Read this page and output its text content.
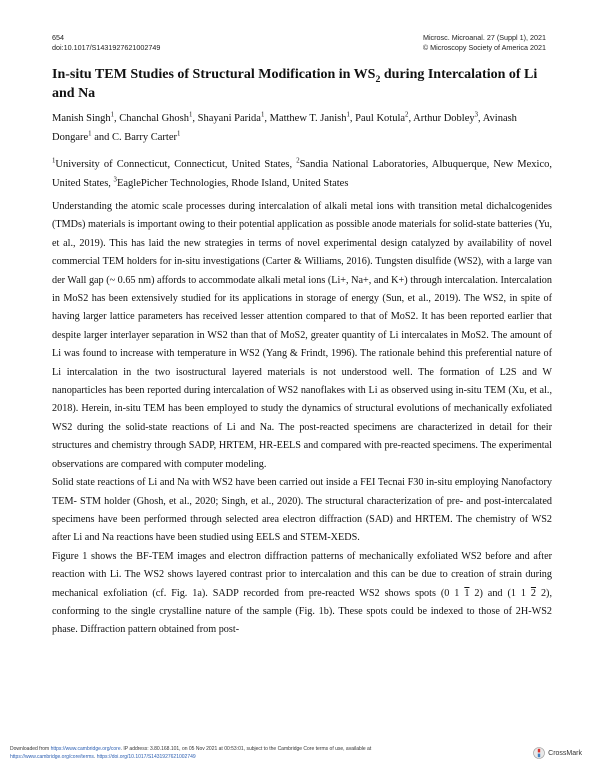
654
doi:10.1017/S1431927621002749
Microsc. Microanal. 27 (Suppl 1), 2021
© Microscopy Society of America 2021
In-situ TEM Studies of Structural Modification in $WS_2$ during Intercalation of Li and Na
Manish Singh$^1$, Chanchal Ghosh$^1$, Shayani Parida$^1$, Matthew T. Janish$^1$, Paul Kotula$^2$, Arthur Dobley$^3$, Avinash Dongare$^1$ and C. Barry Carter$^1$
$^1$University of Connecticut, Connecticut, United States, $^2$Sandia National Laboratories, Albuquerque, New Mexico, United States, $^3$EaglePicher Technologies, Rhode Island, United States

Understanding the atomic scale processes during intercalation of alkali metal ions with transition metal dichalcogenides (TMDs) materials is important owing to their potential application as possible anode materials for solid-state batteries (Yu, et al., 2019). This has laid the new strategies in terms of novel experimental design catalyzed by availability of novel commercial TEM holders for in-situ investigations (Carter & Williams, 2016). Tungsten disulfide (WS2), with a large van der Wall gap (~ 0.65 nm) affords to accommodate alkali metal ions (Li+, Na+, and K+) through intercalation. Intercalation in MoS2 has been extensively studied for its applications in storage of energy (Sun, et al., 2019). The WS2, in spite of having larger lattice parameters has received lesser attention compared to that of MoS2. It has been reported earlier that despite larger interlayer separation in WS2 than that of MoS2, greater quantity of Li intercalates in MoS2. The amount of Li was found to increase with temperature in WS2 (Yang & Frindt, 1996). The rationale behind this preferential nature of Li intercalation in the two isostructural layered materials is not understood well. The formation of L2S and W nanoparticles has been reported during intercalation of WS2 nanoflakes with Li as observed using in-situ TEM (Xu, et al., 2018). Herein, in-situ TEM has been employed to study the dynamics of structural evolutions of mechanically exfoliated WS2 during the solid-state reactions of Li and Na. The post-reacted specimens are characterized in detail for their structures and chemistry through SADP, HRTEM, HR-EELS and compared with pre-reacted specimens. The experimental observations are compared with computer modeling.

Solid state reactions of Li and Na with WS2 have been carried out inside a FEI Tecnai F30 in-situ employing Nanofactory TEM- STM holder (Ghosh, et al., 2020; Singh, et al., 2020). The structural characterization of pre- and post-intercalated specimens have been performed through selected area electron diffraction (SAD) and HRTEM. The chemistry of WS2 after Li and Na reactions have been studied using EELS and STEM-XEDS.

Figure 1 shows the BF-TEM images and electron diffraction patterns of mechanically exfoliated WS2 before and after reaction with Li. The WS2 shows layered contrast prior to intercalation and this can be due to creation of strain during mechanical exfoliation (cf. Fig. 1a). SADP recorded from pre-reacted WS2 shows spots (0 1 1 2) and (1 1 2 2), conforming to the single crystalline nature of the sample (Fig. 1b). These spots could be indexed to those of 2H-WS2 phase. Diffraction pattern obtained from post-

Downloaded from https://www.cambridge.org/core. IP address: 3.80.168.101, on 05 Nov 2021 at 00:53:01, subject to the Cambridge Core terms of use, available at
https://www.cambridge.org/core/terms. https://doi.org/10.1017/S1431927621002749
CrossMark
